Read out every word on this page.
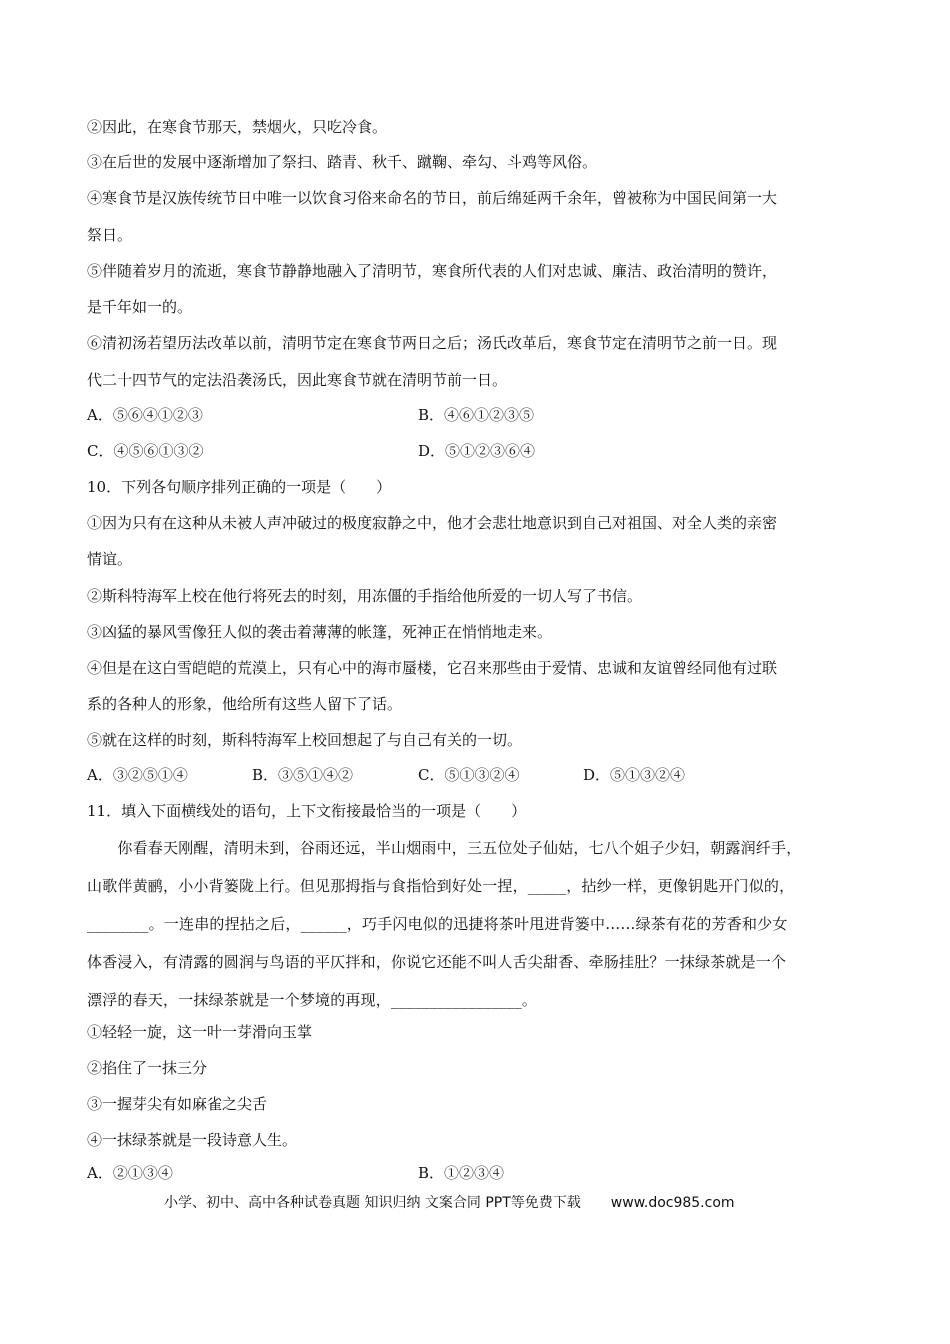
②因此，在寒食节那天，禁烟火，只吃冷食。
③在后世的发展中逐渐增加了祭扫、踏青、秋千、蹴鞠、牵勾、斗鸡等风俗。
④寒食节是汉族传统节日中唯一以饮食习俗来命名的节日，前后绵延两千余年，曾被称为中国民间第一大
祭日。
⑤伴随着岁月的流逝，寒食节静静地融入了清明节，寒食所代表的人们对忠诚、廉洁、政治清明的赞许，
是千年如一的。
⑥清初汤若望历法改革以前，清明节定在寒食节两日之后；汤氏改革后，寒食节定在清明节之前一日。现
代二十四节气的定法沿袭汤氏，因此寒食节就在清明节前一日。
A．⑤⑥④①②③	B．④⑥①②③⑤
C．④⑤⑥①③②	D．⑤①②③⑥④
10．下列各句顺序排列正确的一项是（　　）
①因为只有在这种从未被人声冲破过的极度寂静之中，他才会悲壮地意识到自己对祖国、对全人类的亲密
情谊。
②斯科特海军上校在他行将死去的时刻，用冻僵的手指给他所爱的一切人写了书信。
③凶猛的暴风雪像狂人似的袭击着薄薄的帐篷，死神正在悄悄地走来。
④但是在这白雪皑皑的荒漠上，只有心中的海市蜃楼，它召来那些由于爱情、忠诚和友谊曾经同他有过联
系的各种人的形象，他给所有这些人留下了话。
⑤就在这样的时刻，斯科特海军上校回想起了与自己有关的一切。
A．③②⑤①④	B．③⑤①④②	C．⑤①③②④	D．⑤①③②④
11．填入下面横线处的语句，上下文衔接最恰当的一项是（　　）
　　你看春天刚醒，清明未到，谷雨还远，半山烟雨中，三五位处子仙姑，七八个姐子少妇，朝露润纤手，
山歌伴黄鹂，小小背篓陇上行。但见那拇指与食指恰到好处一捏，_____，拈纱一样，更像钥匙开门似的，
________。一连串的捏拈之后，______，巧手闪电似的迅捷将茶叶甩进背篓中……绿茶有花的芳香和少女
体香浸入，有清露的圆润与鸟语的平仄拌和，你说它还能不叫人舌尖甜香、牵肠挂肚？一抹绿茶就是一个
漂浮的春天，一抹绿茶就是一个梦境的再现，_________________。
①轻轻一旋，这一叶一芽滑向玉掌
②掐住了一抹三分
③一握芽尖有如麻雀之尖舌
④一抹绿茶就是一段诗意人生。
A．②①③④	B．①②③④
小学、初中、高中各种试卷真题 知识归纳 文案合同 PPT等免费下载 www.doc985.com
